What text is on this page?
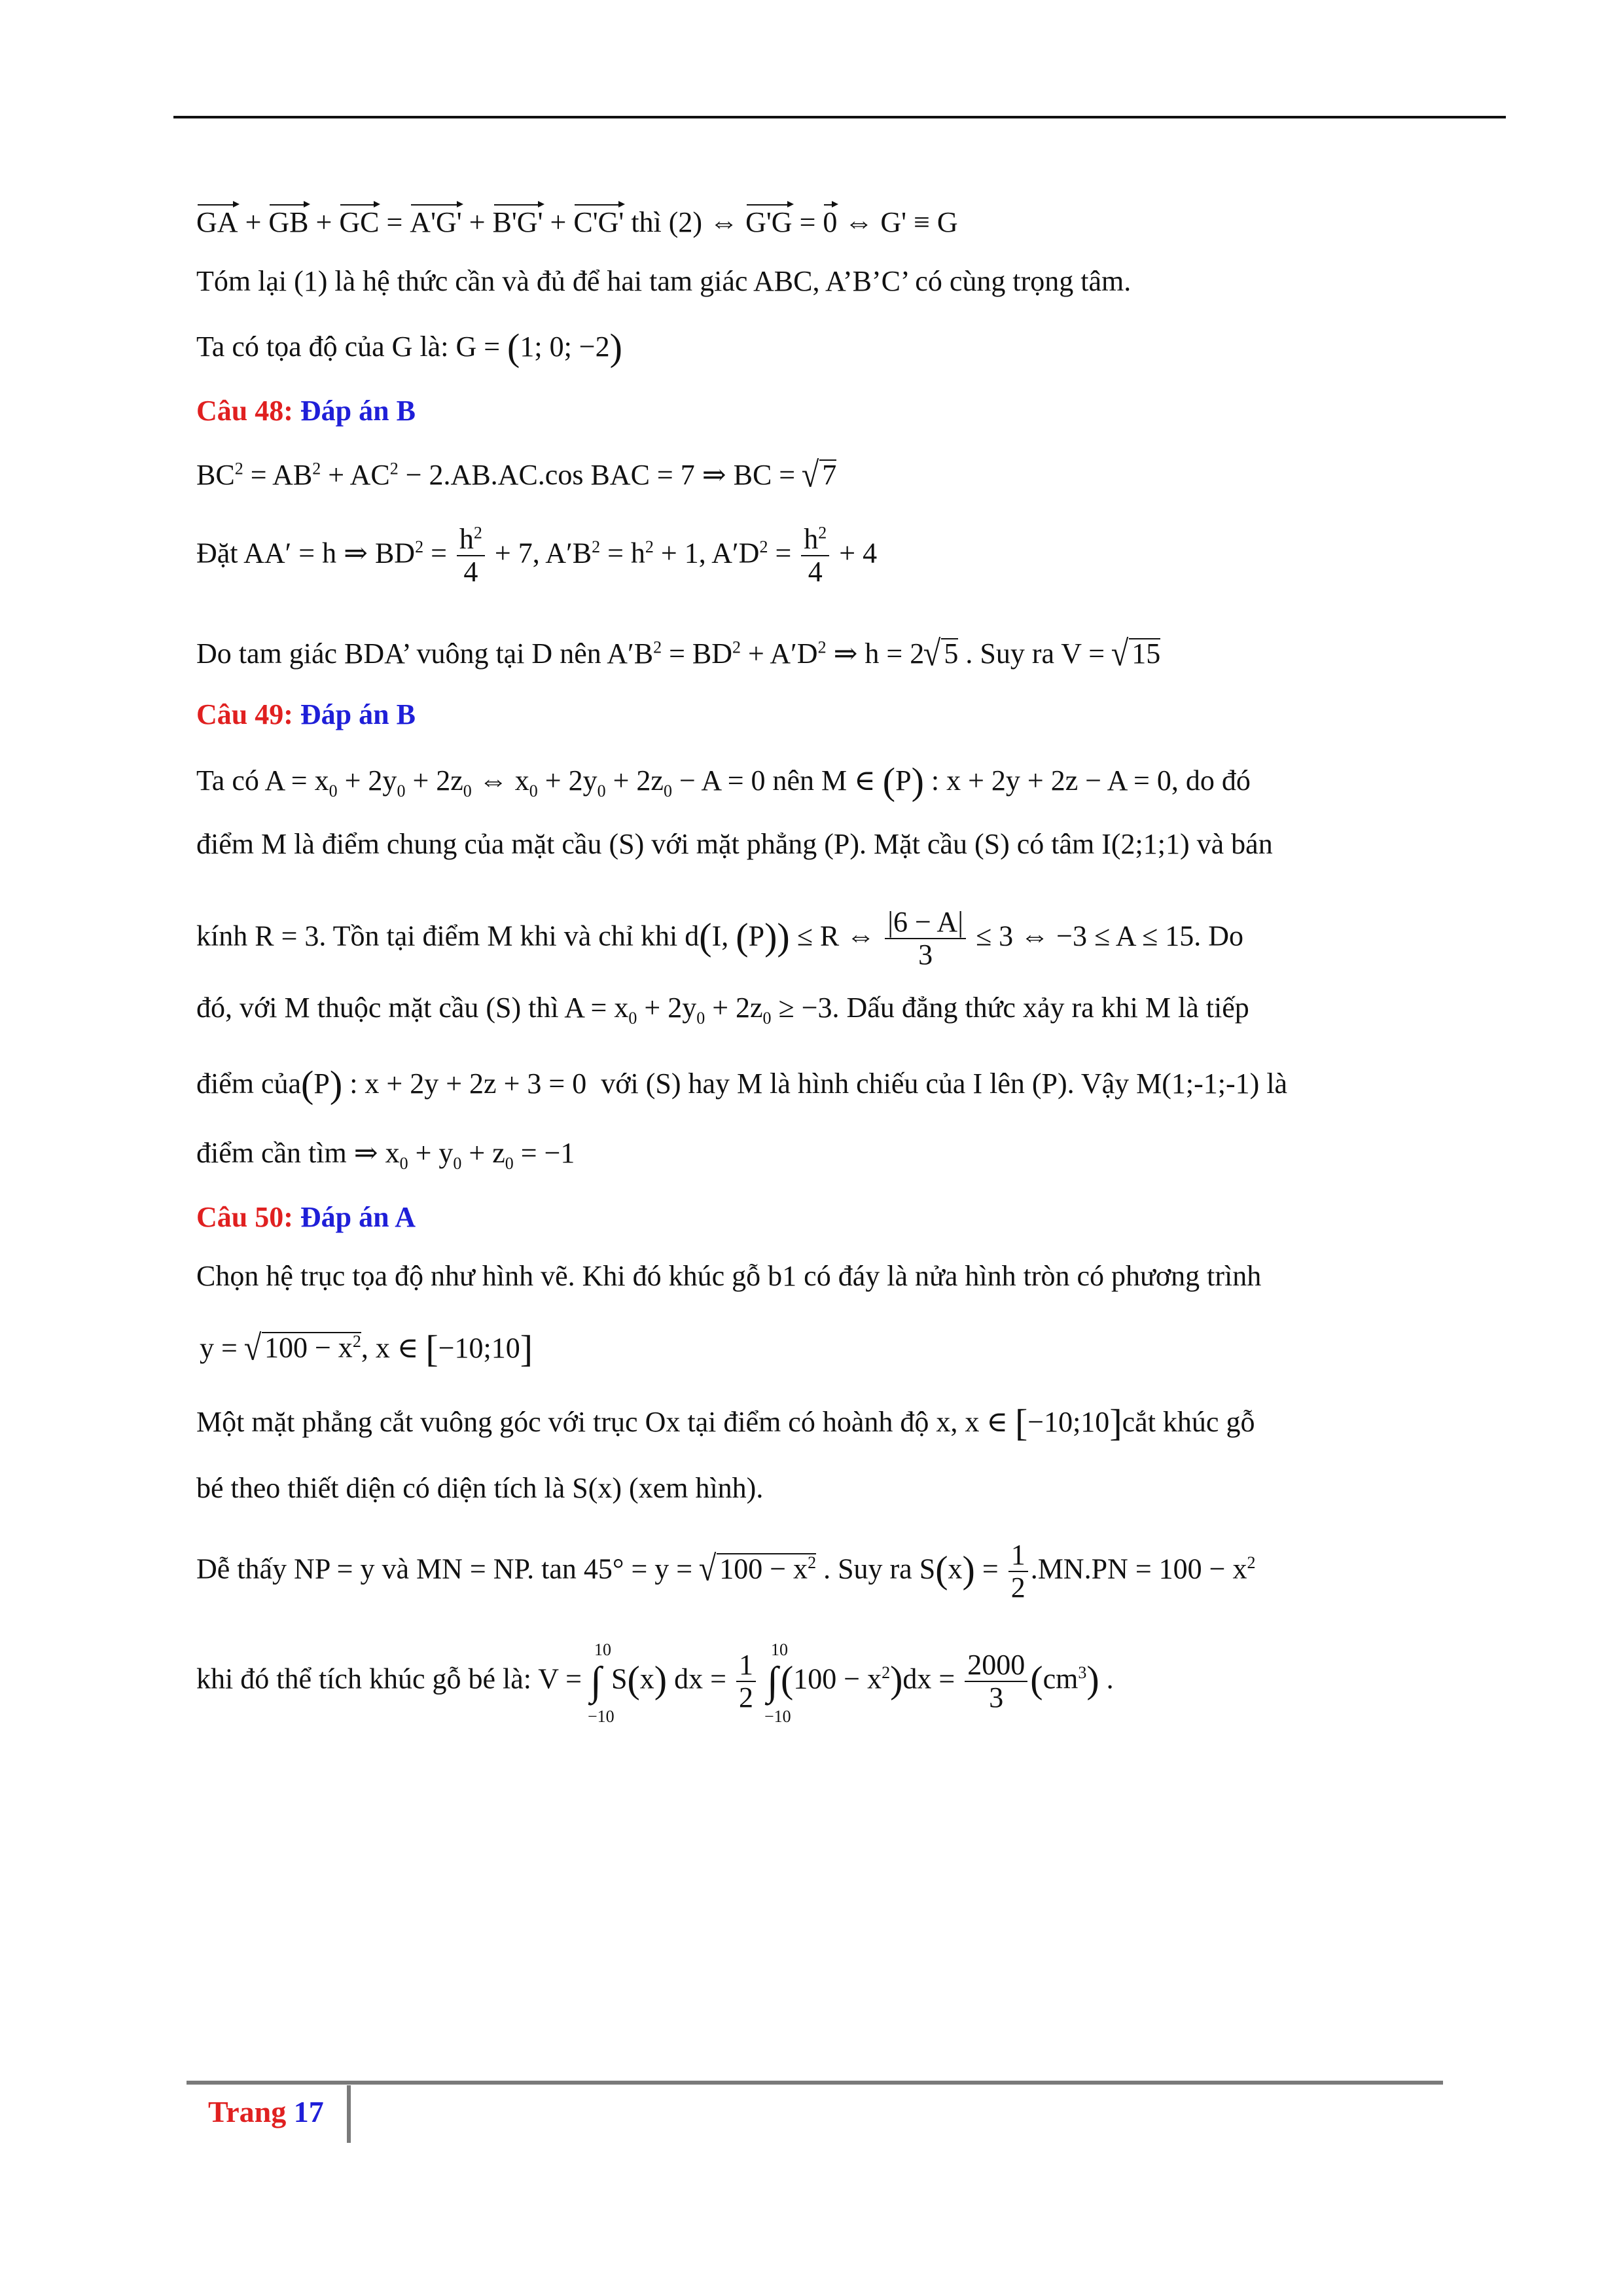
GA + GB + GC = A'G' + B'G' + C'G' thì (2) ⇔ G'G = 0 ⇔ G' ≡ G
Tóm lại (1) là hệ thức cần và đủ để hai tam giác ABC, A’B’C’ có cùng trọng tâm.
Ta có tọa độ của G là: G = (1; 0; −2)
Câu 48: Đáp án B
$BC^2 = AB^2 + AC^2 - 2.AB.AC.\cos$ BAC = 7 ⇒ BC = √ 7
Đặt AA′ = h ⇒ $BD^2 = \frac{h^2}{4} + 7$, $A'B^2 = h^2 + 1$, $A'D^2 = \frac{h^2}{4} + 4$
Do tam giác BDA’ vuông tại D nên $A'B^2 = BD^2 + A'D^2$ ⇒ h = 2√ 5 . Suy ra V = √ 15
Câu 49: Đáp án B
Ta có $A = x_0 + 2y_0 + 2z_0$ ⇔ $x_0 + 2y_0 + 2z_0 - A = 0$ nên M ∈ (P) : x + 2y + 2z − A = 0, do đó
điểm M là điểm chung của mặt cầu (S) với mặt phẳng (P). Mặt cầu (S) có tâm I(2;1;1) và bán
kính R = 3. Tồn tại điểm M khi và chỉ khi d(I, (P)) ≤ R ⇔ $\frac{|6 - A|}{3} \le 3$ ⇔ −3 ≤ A ≤ 15. Do
đó, với M thuộc mặt cầu (S) thì $A = x_0 + 2y_0 + 2z_0 \ge -3$. Dấu đẳng thức xảy ra khi M là tiếp
điểm của(P) : x + 2y + 2z + 3 = 0  với (S) hay M là hình chiếu của I lên (P). Vậy M(1;-1;-1) là
điểm cần tìm ⇒ $x_0 + y_0 + z_0 = -1$
Câu 50: Đáp án A
Chọn hệ trục tọa độ như hình vẽ. Khi đó khúc gỗ b1 có đáy là nửa hình tròn có phương trình
y = √ $100 - x^2$, x ∈ [−10;10]
Một mặt phẳng cắt vuông góc với trục Ox tại điểm có hoành độ x, x ∈ [−10;10]cắt khúc gỗ
bé theo thiết diện có diện tích là S(x) (xem hình).
Dễ thấy NP = y và MN = NP. tan 45° = y = √ $100 - x^2$ . Suy ra $S(x) = \frac{1}{2} .MN.PN = 100 - x^2$
khi đó thể tích khúc gỗ bé là: V = ∫
10
−10
S(x) dx = $\frac{1}{2}$ ∫
10
−10
$(100 - x^2)dx = \frac{2000}{3} (cm^3)$ .
Trang 17
